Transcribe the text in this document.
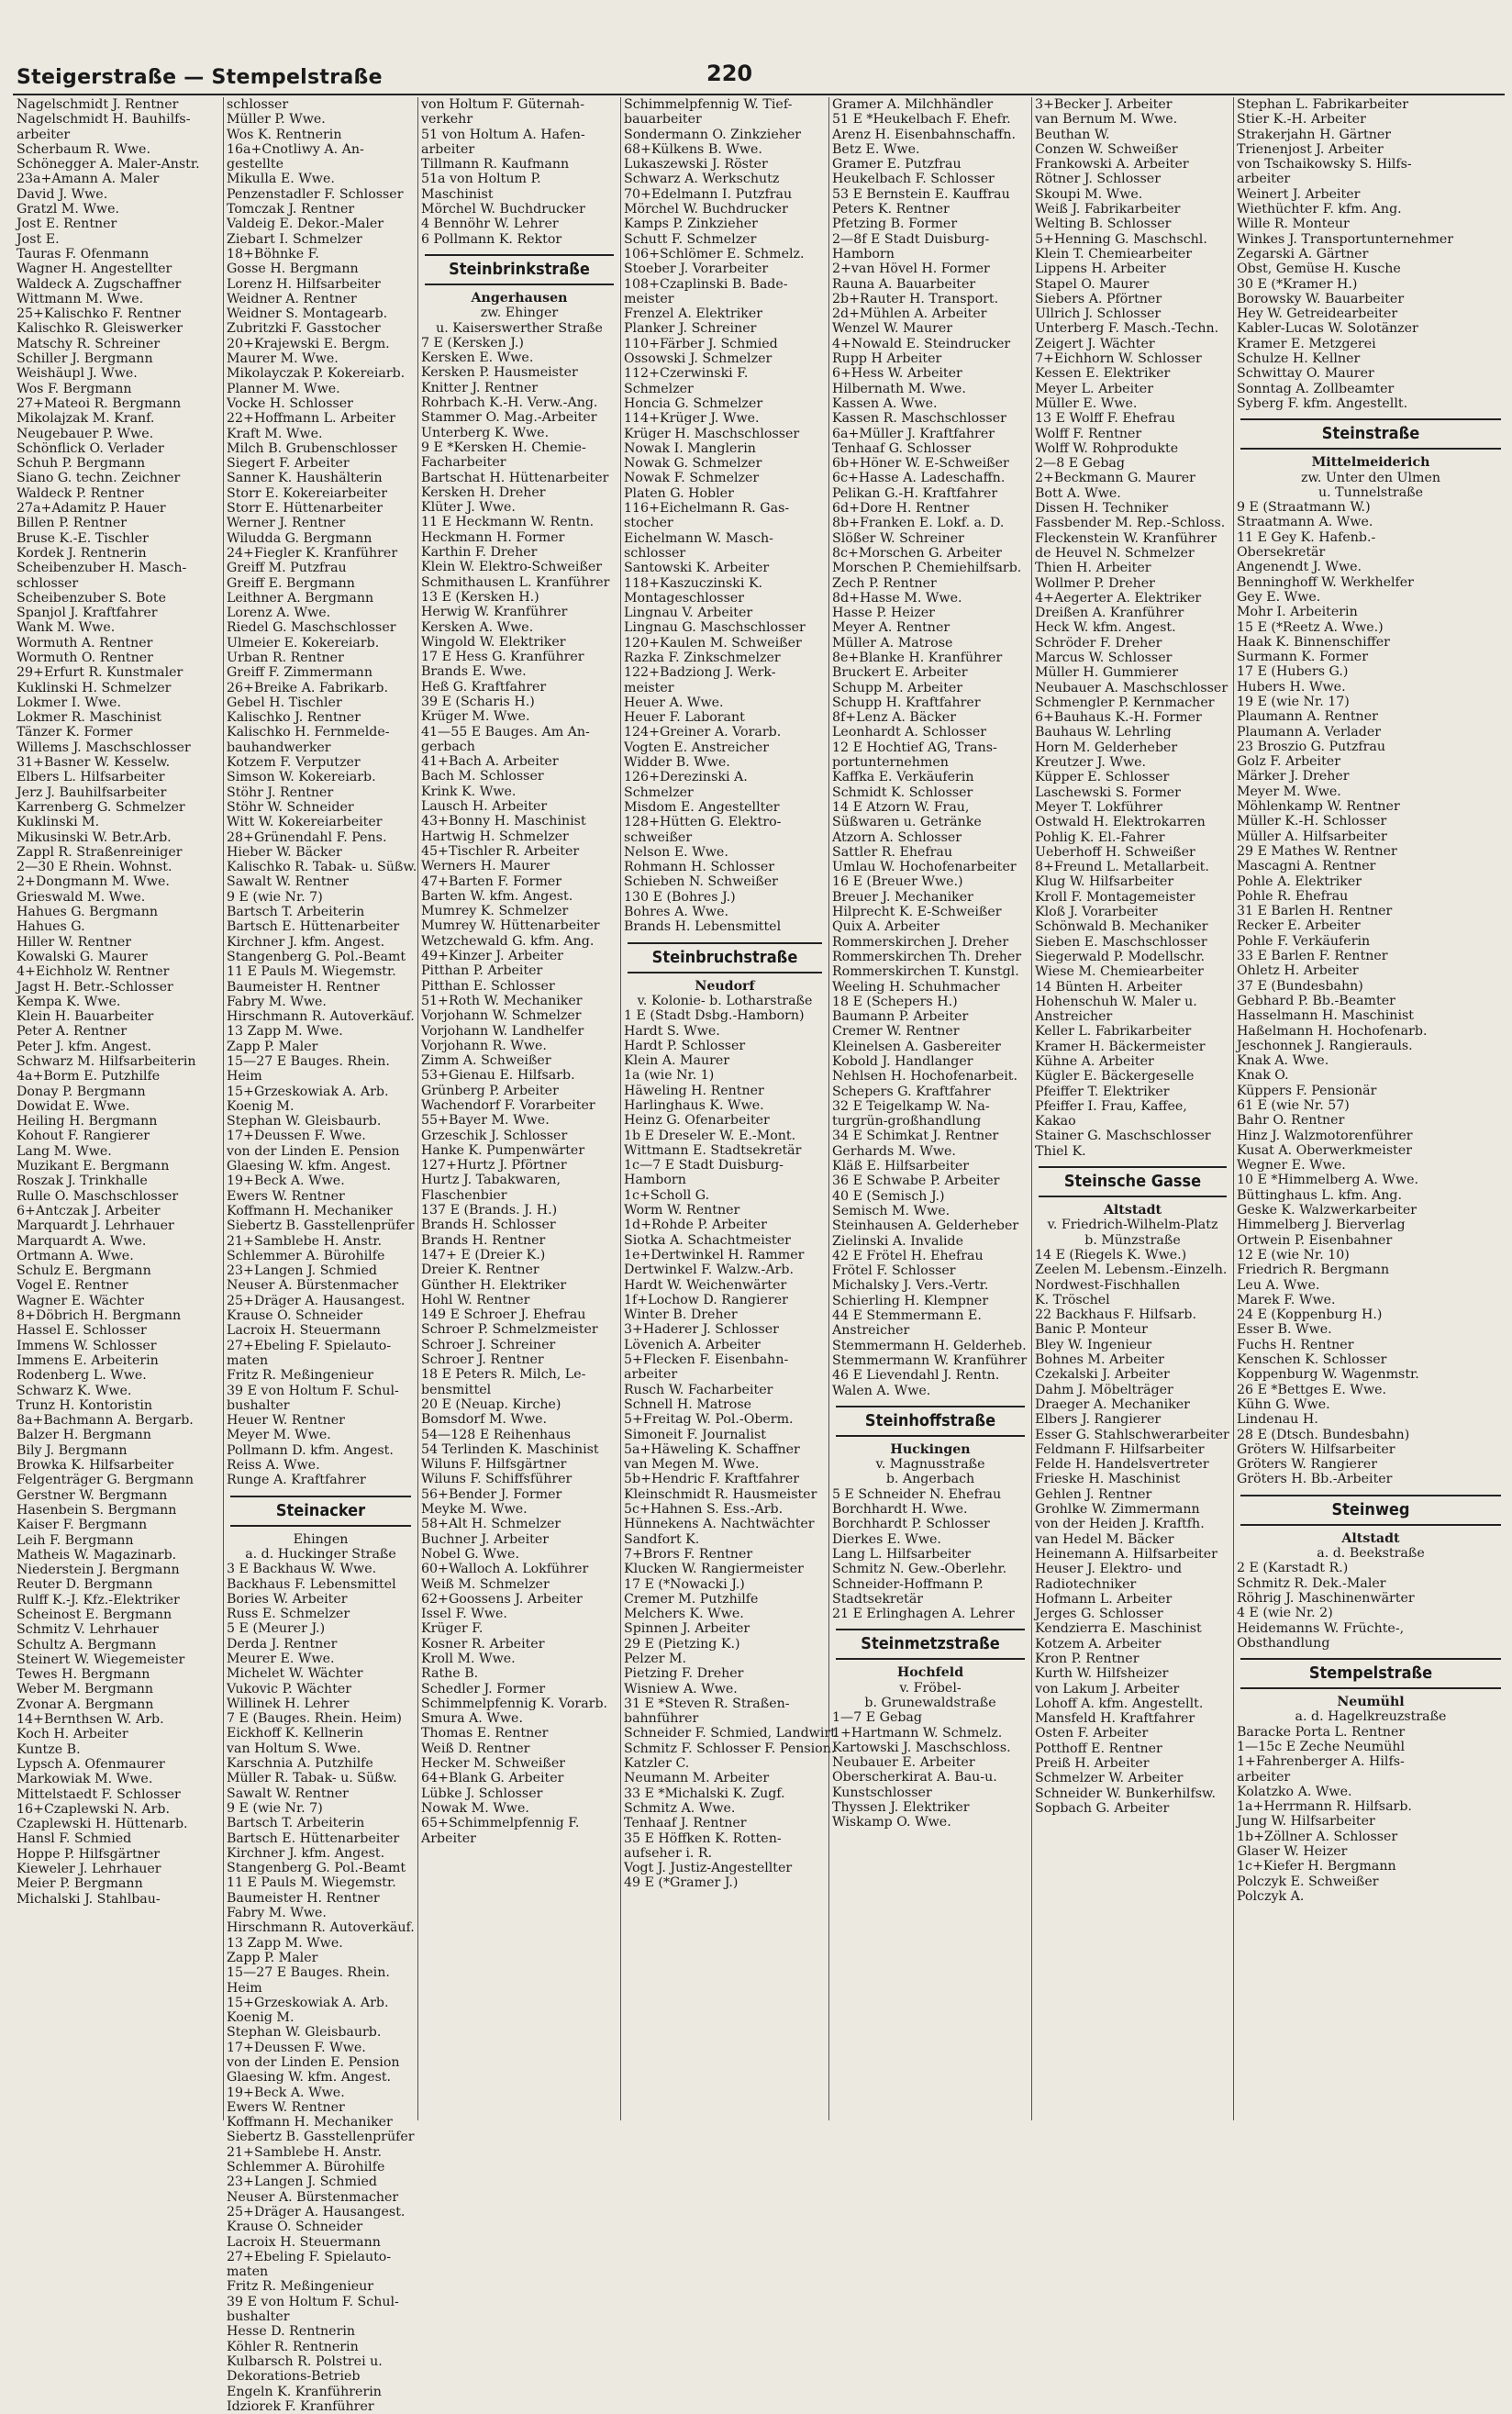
Steigerstraße — Stempelstraße	220
Nagelschmidt J. Rentner
Nagelschmidt H. Bauhilfs-
arbeiter
Scherbaum R. Wwe.
Schönegger A. Maler-Anstr.
23a+Amann A. Maler
David J. Wwe.
Gratzl M. Wwe.
Jost E. Rentner
Jost E.
Tauras F. Ofenmann
Wagner H. Angestellter
Waldeck A. Zugschaffner
Wittmann M. Wwe.
25+Kalischko F. Rentner
Kalischko R. Gleiswerker
Matschy R. Schreiner
Schiller J. Bergmann
Weishäupl J. Wwe.
Wos F. Bergmann
27+Mateoi R. Bergmann
Mikolajzak M. Kranf.
Neugebauer P. Wwe.
Schönflick O. Verlader
Schuh P. Bergmann
Siano G. techn. Zeichner
Waldeck P. Rentner
27a+Adamitz P. Hauer
Billen P. Rentner
Bruse K.-E. Tischler
Kordek J. Rentnerin
Scheibenzuber H. Masch-
schlosser
Scheibenzuber S. Bote
Spanjol J. Kraftfahrer
Wank M. Wwe.
Wormuth A. Rentner
Wormuth O. Rentner
29+Erfurt R. Kunstmaler
Kuklinski H. Schmelzer
Lokmer I. Wwe.
Lokmer R. Maschinist
Tänzer K. Former
Willems J. Maschschlosser
31+Basner W. Kesselw.
Elbers L. Hilfsarbeiter
Jerz J. Bauhilfsarbeiter
Karrenberg G. Schmelzer
Kuklinski M.
Mikusinski W. Betr.Arb.
Zappl R. Straßenreiniger
2—30 E Rhein. Wohnst.
2+Dongmann M. Wwe.
Grieswald M. Wwe.
Hahues G. Bergmann
Hahues G.
Hiller W. Rentner
Kowalski G. Maurer
4+Eichholz W. Rentner
Jagst H. Betr.-Schlosser
Kempa K. Wwe.
Klein H. Bauarbeiter
Peter A. Rentner
Peter J. kfm. Angest.
Schwarz M. Hilfsarbeiterin
4a+Borm E. Putzhilfe
Donay P. Bergmann
Dowidat E. Wwe.
Heiling H. Bergmann
Kohout F. Rangierer
Lang M. Wwe.
Muzikant E. Bergmann
Roszak J. Trinkhalle
Rulle O. Maschschlosser
6+Antczak J. Arbeiter
Marquardt J. Lehrhauer
Marquardt A. Wwe.
Ortmann A. Wwe.
Schulz E. Bergmann
Vogel E. Rentner
Wagner E. Wächter
8+Döbrich H. Bergmann
Hassel E. Schlosser
Immens W. Schlosser
Immens E. Arbeiterin
Rodenberg L. Wwe.
Schwarz K. Wwe.
Trunz H. Kontoristin
8a+Bachmann A. Bergarb.
Balzer H. Bergmann
Bily J. Bergmann
Browka K. Hilfsarbeiter
Felgenträger G. Bergmann
Gerstner W. Bergmann
Hasenbein S. Bergmann
Kaiser F. Bergmann
Leih F. Bergmann
Matheis W. Magazinarb.
Niederstein J. Bergmann
Reuter D. Bergmann
Rulff K.-J. Kfz.-Elektriker
Scheinost E. Bergmann
Schmitz V. Lehrhauer
Schultz A. Bergmann
Steinert W. Wiegemeister
Tewes H. Bergmann
Weber M. Bergmann
Zvonar A. Bergmann
14+Bernthsen W. Arb.
Koch H. Arbeiter
Kuntze B.
Lypsch A. Ofenmaurer
Markowiak M. Wwe.
Mittelstaedt F. Schlosser
16+Czaplewski N. Arb.
Czaplewski H. Hüttenarb.
Hansl F. Schmied
Hoppe P. Hilfsgärtner
Kieweler J. Lehrhauer
Meier P. Bergmann
Michalski J. Stahlbau-
schlosser
Müller P. Wwe.
Wos K. Rentnerin
16a+Cnotliwy A. An-
gestellte
Mikulla E. Wwe.
Penzenstadler F. Schlosser
Tomczak J. Rentner
Valdeig E. Dekor.-Maler
Ziebart I. Schmelzer
18+Böhnke F.
Gosse H. Bergmann
Lorenz H. Hilfsarbeiter
Weidner A. Rentner
Weidner S. Montagearb.
Zubritzki F. Gasstocher
20+Krajewski E. Bergm.
Maurer M. Wwe.
Mikolayczak P. Kokereiarb.
Planner M. Wwe.
Vocke H. Schlosser
22+Hoffmann L. Arbeiter
Kraft M. Wwe.
Milch B. Grubenschlosser
Siegert F. Arbeiter
Sanner K. Haushälterin
Storr E. Kokereiarbeiter
Storr E. Hüttenarbeiter
Werner J. Rentner
Wiludda G. Bergmann
24+Fiegler K. Kranführer
Greiff M. Putzfrau
Greiff E. Bergmann
Leithner A. Bergmann
Lorenz A. Wwe.
Riedel G. Maschschlosser
Ulmeier E. Kokereiarb.
Urban R. Rentner
Greiff F. Zimmermann
26+Breike A. Fabrikarb.
Gebel H. Tischler
Kalischko J. Rentner
Kalischko H. Fernmelde-
bauhandwerker
Kotzem F. Verputzer
Simson W. Kokereiarb.
Stöhr J. Rentner
Stöhr W. Schneider
Witt W. Kokereiarbeiter
28+Grünendahl F. Pens.
Hieber W. Bäcker
Kalischko R. Tabak- u. Süßw.
Sawalt W. Rentner
9 E (wie Nr. 7)
Bartsch T. Arbeiterin
Bartsch E. Hüttenarbeiter
Kirchner J. kfm. Angest.
Stangenberg G. Pol.-Beamt
11 E Pauls M. Wiegemstr.
Baumeister H. Rentner
Fabry M. Wwe.
Hirschmann R. Autoverkäuf.
13 Zapp M. Wwe.
Zapp P. Maler
15—27 E Bauges. Rhein.
Heim
15+Grzeskowiak A. Arb.
Koenig M.
Stephan W. Gleisbaurb.
17+Deussen F. Wwe.
von der Linden E. Pension
Glaesing W. kfm. Angest.
19+Beck A. Wwe.
Ewers W. Rentner
Koffmann H. Mechaniker
Siebertz B. Gasstellenprüfer
21+Samblebe H. Anstr.
Schlemmer A. Bürohilfe
23+Langen J. Schmied
Neuser A. Bürstenmacher
25+Dräger A. Hausangest.
Krause O. Schneider
Lacroix H. Steuermann
27+Ebeling F. Spielauto-
maten
Fritz R. Meßingenieur
39 E von Holtum F. Schul-
bushalter
Heuer W. Rentner
Meyer M. Wwe.
Pollmann D. kfm. Angest.
Reiss A. Wwe.
Runge A. Kraftfahrer
Steinacker
Ehingen
a. d. Huckinger Straße
3 E Backhaus W. Wwe.
Backhaus F. Lebensmittel
Bories W. Arbeiter
Russ E. Schmelzer
5 E (Meurer J.)
Derda J. Rentner
Meurer E. Wwe.
Michelet W. Wächter
Vukovic P. Wächter
Willinek H. Lehrer
7 E (Bauges. Rhein. Heim)
Eickhoff K. Kellnerin
van Holtum S. Wwe.
Karschnia A. Putzhilfe
Müller R. Tabak- u. Süßw.
Sawalt W. Rentner
9 E (wie Nr. 7)
Bartsch T. Arbeiterin
Bartsch E. Hüttenarbeiter
Kirchner J. kfm. Angest.
Stangenberg G. Pol.-Beamt
11 E Pauls M. Wiegemstr.
Baumeister H. Rentner
Fabry M. Wwe.
Hirschmann R. Autoverkäuf.
13 Zapp M. Wwe.
Zapp P. Maler
15—27 E Bauges. Rhein.
Heim
15+Grzeskowiak A. Arb.
Koenig M.
Stephan W. Gleisbaurb.
17+Deussen F. Wwe.
von der Linden E. Pension
Glaesing W. kfm. Angest.
19+Beck A. Wwe.
Ewers W. Rentner
Koffmann H. Mechaniker
Siebertz B. Gasstellenprüfer
21+Samblebe H. Anstr.
Schlemmer A. Bürohilfe
23+Langen J. Schmied
Neuser A. Bürstenmacher
25+Dräger A. Hausangest.
Krause O. Schneider
Lacroix H. Steuermann
27+Ebeling F. Spielauto-
maten
Fritz R. Meßingenieur
39 E von Holtum F. Schul-
bushalter
Hesse D. Rentnerin
Köhler R. Rentnerin
Kulbarsch R. Polstrei u.
Dekorations-Betrieb
Engeln K. Kranführerin
Idziorek F. Kranführer
von Holtum F. Güternah-
verkehr
51 von Holtum A. Hafen-
arbeiter
Tillmann R. Kaufmann
51a von Holtum P.
Maschinist
Mörchel W. Buchdrucker
4 Bennöhr W. Lehrer
6 Pollmann K. Rektor
Steinbrinkstraße
Angerhausen
zw. Ehinger
u. Kaiserswerther Straße
7 E (Kersken J.)
Kersken E. Wwe.
Kersken P. Hausmeister
Knitter J. Rentner
Rohrbach K.-H. Verw.-Ang.
Stammer O. Mag.-Arbeiter
Unterberg K. Wwe.
9 E *Kersken H. Chemie-
Facharbeiter
Bartschat H. Hüttenarbeiter
Kersken H. Dreher
Klüter J. Wwe.
11 E Heckmann W. Rentn.
Heckmann H. Former
Karthin F. Dreher
Klein W. Elektro-Schweißer
Schmithausen L. Kranführer
13 E (Kersken H.)
Herwig W. Kranführer
Kersken A. Wwe.
Wingold W. Elektriker
17 E Hess G. Kranführer
Brands E. Wwe.
Heß G. Kraftfahrer
39 E (Scharis H.)
Krüger M. Wwe.
41—55 E Bauges. Am An-
gerbach
41+Bach A. Arbeiter
Bach M. Schlosser
Krink K. Wwe.
Lausch H. Arbeiter
43+Bonny H. Maschinist
Hartwig H. Schmelzer
45+Tischler R. Arbeiter
Werners H. Maurer
47+Barten F. Former
Barten W. kfm. Angest.
Mumrey K. Schmelzer
Mumrey W. Hüttenarbeiter
Wetzchewald G. kfm. Ang.
49+Kinzer J. Arbeiter
Pitthan P. Arbeiter
Pitthan E. Schlosser
51+Roth W. Mechaniker
Vorjohann W. Schmelzer
Vorjohann W. Landhelfer
Vorjohann R. Wwe.
Zimm A. Schweißer
53+Gienau E. Hilfsarb.
Grünberg P. Arbeiter
Wachendorf F. Vorarbeiter
55+Bayer M. Wwe.
Grzeschik J. Schlosser
Hanke K. Pumpenwärter
127+Hurtz J. Pförtner
Hurtz J. Tabakwaren,
Flaschenbier
137 E (Brands. J. H.)
Brands H. Schlosser
Brands H. Rentner
147+ E (Dreier K.)
Dreier K. Rentner
Günther H. Elektriker
Hohl W. Rentner
149 E Schroer J. Ehefrau
Schroer P. Schmelzmeister
Schroer J. Schreiner
Schroer J. Rentner
18 E Peters R. Milch, Le-
bensmittel
20 E (Neuap. Kirche)
Bomsdorf M. Wwe.
54—128 E Reihenhaus
54 Terlinden K. Maschinist
Wiluns F. Hilfsgärtner
Wiluns F. Schiffsführer
56+Bender J. Former
Meyke M. Wwe.
58+Alt H. Schmelzer
Buchner J. Arbeiter
Nobel G. Wwe.
60+Walloch A. Lokführer
Weiß M. Schmelzer
62+Goossens J. Arbeiter
Issel F. Wwe.
Krüger F.
Kosner R. Arbeiter
Kroll M. Wwe.
Rathe B.
Schedler J. Former
Schimmelpfennig K. Vorarb.
Smura A. Wwe.
Thomas E. Rentner
Weiß D. Rentner
Hecker M. Schweißer
64+Blank G. Arbeiter
Lübke J. Schlosser
Nowak M. Wwe.
65+Schimmelpfennig F.
Arbeiter
Schimmelpfennig W. Tief-
bauarbeiter
Sondermann O. Zinkzieher
68+Külkens B. Wwe.
Lukaszewski J. Röster
Schwarz A. Werkschutz
70+Edelmann I. Putzfrau
Mörchel W. Buchdrucker
Kamps P. Zinkzieher
Schutt F. Schmelzer
106+Schlömer E. Schmelz.
Stoeber J. Vorarbeiter
108+Czaplinski B. Bade-
meister
Frenzel A. Elektriker
Planker J. Schreiner
110+Färber J. Schmied
Ossowski J. Schmelzer
112+Czerwinski F.
Schmelzer
Honcia G. Schmelzer
114+Krüger J. Wwe.
Krüger H. Maschschlosser
Nowak I. Manglerin
Nowak G. Schmelzer
Nowak F. Schmelzer
Platen G. Hobler
116+Eichelmann R. Gas-
stocher
Eichelmann W. Masch-
schlosser
Santowski K. Arbeiter
118+Kaszuczinski K.
Montageschlosser
Lingnau V. Arbeiter
Lingnau G. Maschschlosser
120+Kaulen M. Schweißer
Razka F. Zinkschmelzer
122+Badziong J. Werk-
meister
Heuer A. Wwe.
Heuer F. Laborant
124+Greiner A. Vorarb.
Vogten E. Anstreicher
Widder B. Wwe.
126+Derezinski A.
Schmelzer
Misdom E. Angestellter
128+Hütten G. Elektro-
schweißer
Nelson E. Wwe.
Rohmann H. Schlosser
Schieben N. Schweißer
130 E (Bohres J.)
Bohres A. Wwe.
Brands H. Lebensmittel
Steinbruchstraße
Neudorf
v. Kolonie- b. Lotharstraße
1 E (Stadt Dsbg.-Hamborn)
Hardt S. Wwe.
Hardt P. Schlosser
Klein A. Maurer
1a (wie Nr. 1)
Häweling H. Rentner
Harlinghaus K. Wwe.
Heinz G. Ofenarbeiter
1b E Dreseler W. E.-Mont.
Wittmann E. Stadtsekretär
1c—7 E Stadt Duisburg-
Hamborn
1c+Scholl G.
Worm W. Rentner
1d+Rohde P. Arbeiter
Siotka A. Schachtmeister
1e+Dertwinkel H. Rammer
Dertwinkel F. Walzw.-Arb.
Hardt W. Weichenwärter
1f+Lochow D. Rangierer
Winter B. Dreher
3+Haderer J. Schlosser
Lövenich A. Arbeiter
5+Flecken F. Eisenbahn-
arbeiter
Rusch W. Facharbeiter
Schnell H. Matrose
5+Freitag W. Pol.-Oberm.
Simoneit F. Journalist
5a+Häweling K. Schaffner
van Megen M. Wwe.
5b+Hendric F. Kraftfahrer
Kleinschmidt R. Hausmeister
5c+Hahnen S. Ess.-Arb.
Hünnekens A. Nachtwächter
Sandfort K.
7+Brors F. Rentner
Klucken W. Rangiermeister
17 E (*Nowacki J.)
Cremer M. Putzhilfe
Melchers K. Wwe.
Spinnen J. Arbeiter
29 E (Pietzing K.)
Pelzer M.
Pietzing F. Dreher
Wisniew A. Wwe.
31 E *Steven R. Straßen-
bahnführer
Schneider F. Schmied, Landwirt
Schmitz F. Schlosser F. Pension.
Katzler C.
Neumann M. Arbeiter
33 E *Michalski K. Zugf.
Schmitz A. Wwe.
Tenhaaf J. Rentner
35 E Höffken K. Rotten-
aufseher i. R.
Vogt J. Justiz-Angestellter
49 E (*Gramer J.)
Gramer A. Milchhändler
51 E *Heukelbach F. Ehefr.
Arenz H. Eisenbahnschaffn.
Betz E. Wwe.
Gramer E. Putzfrau
Heukelbach F. Schlosser
53 E Bernstein E. Kauffrau
Peters K. Rentner
Pfetzing B. Former
2—8f E Stadt Duisburg-
Hamborn
2+van Hövel H. Former
Rauna A. Bauarbeiter
2b+Rauter H. Transport.
2d+Mühlen A. Arbeiter
Wenzel W. Maurer
4+Nowald E. Steindrucker
Rupp H Arbeiter
6+Hess W. Arbeiter
Hilbernath M. Wwe.
Kassen A. Wwe.
Kassen R. Maschschlosser
6a+Müller J. Kraftfahrer
Tenhaaf G. Schlosser
6b+Höner W. E-Schweißer
6c+Hasse A. Ladeschaffn.
Pelikan G.-H. Kraftfahrer
6d+Dore H. Rentner
8b+Franken E. Lokf. a. D.
Slößer W. Schreiner
8c+Morschen G. Arbeiter
Morschen P. Chemiehilfsarb.
Zech P. Rentner
8d+Hasse M. Wwe.
Hasse P. Heizer
Meyer A. Rentner
Müller A. Matrose
8e+Blanke H. Kranführer
Bruckert E. Arbeiter
Schupp M. Arbeiter
Schupp H. Kraftfahrer
8f+Lenz A. Bäcker
Leonhardt A. Schlosser
12 E Hochtief AG, Trans-
portunternehmen
Kaffka E. Verkäuferin
Schmidt K. Schlosser
14 E Atzorn W. Frau,
Süßwaren u. Getränke
Atzorn A. Schlosser
Sattler R. Ehefrau
Umlau W. Hochofenarbeiter
16 E (Breuer Wwe.)
Breuer J. Mechaniker
Hilprecht K. E-Schweißer
Quix A. Arbeiter
Rommerskirchen J. Dreher
Rommerskirchen Th. Dreher
Rommerskirchen T. Kunstgl.
Weeling H. Schuhmacher
18 E (Schepers H.)
Baumann P. Arbeiter
Cremer W. Rentner
Kleinelsen A. Gasbereiter
Kobold J. Handlanger
Nehlsen H. Hochofenarbeit.
Schepers G. Kraftfahrer
32 E Teigelkamp W. Na-
turgrün-großhandlung
34 E Schimkat J. Rentner
Gerhards M. Wwe.
Kläß E. Hilfsarbeiter
36 E Schwabe P. Arbeiter
40 E (Semisch J.)
Semisch M. Wwe.
Steinhausen A. Gelderheber
Zielinski A. Invalide
42 E Frötel H. Ehefrau
Frötel F. Schlosser
Michalsky J. Vers.-Vertr.
Schierling H. Klempner
44 E Stemmermann E.
Anstreicher
Stemmermann H. Gelderheb.
Stemmermann W. Kranführer
46 E Lievendahl J. Rentn.
Walen A. Wwe.
Steinhoffstraße
Huckingen
v. Magnusstraße
b. Angerbach
5 E Schneider N. Ehefrau
Borchhardt H. Wwe.
Borchhardt P. Schlosser
Dierkes E. Wwe.
Lang L. Hilfsarbeiter
Schmitz N. Gew.-Oberlehr.
Schneider-Hoffmann P.
Stadtsekretär
21 E Erlinghagen A. Lehrer
Steinmetzstraße
Hochfeld
v. Fröbel-
b. Grunewaldstraße
1—7 E Gebag
1+Hartmann W. Schmelz.
Kartowski J. Maschschloss.
Neubauer E. Arbeiter
Oberscherkirat A. Bau-u.
Kunstschlosser
Thyssen J. Elektriker
Wiskamp O. Wwe.
3+Becker J. Arbeiter
van Bernum M. Wwe.
Beuthan W.
Conzen W. Schweißer
Frankowski A. Arbeiter
Rötner J. Schlosser
Skoupi M. Wwe.
Weiß J. Fabrikarbeiter
Welting B. Schlosser
5+Henning G. Maschschl.
Klein T. Chemiearbeiter
Lippens H. Arbeiter
Stapel O. Maurer
Siebers A. Pförtner
Ullrich J. Schlosser
Unterberg F. Masch.-Techn.
Zeigert J. Wächter
7+Eichhorn W. Schlosser
Kessen E. Elektriker
Meyer L. Arbeiter
Müller E. Wwe.
13 E Wolff F. Ehefrau
Wolff F. Rentner
Wolff W. Rohprodukte
2—8 E Gebag
2+Beckmann G. Maurer
Bott A. Wwe.
Dissen H. Techniker
Fassbender M. Rep.-Schloss.
Fleckenstein W. Kranführer
de Heuvel N. Schmelzer
Thien H. Arbeiter
Wollmer P. Dreher
4+Aegerter A. Elektriker
Dreißen A. Kranführer
Heck W. kfm. Angest.
Schröder F. Dreher
Marcus W. Schlosser
Müller H. Gummierer
Neubauer A. Maschschlosser
Schmengler P. Kernmacher
6+Bauhaus K.-H. Former
Bauhaus W. Lehrling
Horn M. Gelderheber
Kreutzer J. Wwe.
Küpper E. Schlosser
Laschewski S. Former
Meyer T. Lokführer
Ostwald H. Elektrokarren
Pohlig K. El.-Fahrer
Ueberhoff H. Schweißer
8+Freund L. Metallarbeit.
Klug W. Hilfsarbeiter
Kroll F. Montagemeister
Kloß J. Vorarbeiter
Schönwald B. Mechaniker
Sieben E. Maschschlosser
Siegerwald P. Modellschr.
Wiese M. Chemiearbeiter
14 Bünten H. Arbeiter
Hohenschuh W. Maler u.
Anstreicher
Keller L. Fabrikarbeiter
Kramer H. Bäckermeister
Kühne A. Arbeiter
Kügler E. Bäckergeselle
Pfeiffer T. Elektriker
Pfeiffer I. Frau, Kaffee,
Kakao
Stainer G. Maschschlosser
Thiel K.
Steinsche Gasse
Altstadt
v. Friedrich-Wilhelm-Platz
b. Münzstraße
14 E (Riegels K. Wwe.)
Zeelen M. Lebensm.-Einzelh.
Nordwest-Fischhallen
K. Tröschel
22 Backhaus F. Hilfsarb.
Banic P. Monteur
Bley W. Ingenieur
Bohnes M. Arbeiter
Czekalski J. Arbeiter
Dahm J. Möbelträger
Draeger A. Mechaniker
Elbers J. Rangierer
Esser G. Stahlschwerarbeiter
Feldmann F. Hilfsarbeiter
Felde H. Handelsvertreter
Frieske H. Maschinist
Gehlen J. Rentner
Grohlke W. Zimmermann
von der Heiden J. Kraftfh.
van Hedel M. Bäcker
Heinemann A. Hilfsarbeiter
Heuser J. Elektro- und
Radiotechniker
Hofmann L. Arbeiter
Jerges G. Schlosser
Kendzierra E. Maschinist
Kotzem A. Arbeiter
Kron P. Rentner
Kurth W. Hilfsheizer
von Lakum J. Arbeiter
Lohoff A. kfm. Angestellt.
Mansfeld H. Kraftfahrer
Osten F. Arbeiter
Potthoff E. Rentner
Preiß H. Arbeiter
Schmelzer W. Arbeiter
Schneider W. Bunkerhilfsw.
Sopbach G. Arbeiter
Stephan L. Fabrikarbeiter
Stier K.-H. Arbeiter
Strakerjahn H. Gärtner
Trienenjost J. Arbeiter
von Tschaikowsky S. Hilfs-
arbeiter
Weinert J. Arbeiter
Wiethüchter F. kfm. Ang.
Wille R. Monteur
Winkes J. Transportunternehmer
Zegarski A. Gärtner
Obst, Gemüse H. Kusche
30 E (*Kramer H.)
Borowsky W. Bauarbeiter
Hey W. Getreidearbeiter
Kabler-Lucas W. Solotänzer
Kramer E. Metzgerei
Schulze H. Kellner
Schwittay O. Maurer
Sonntag A. Zollbeamter
Syberg F. kfm. Angestellt.
Steinstraße
Mittelmeiderich
zw. Unter den Ulmen
u. Tunnelstraße
9 E (Straatmann W.)
Straatmann A. Wwe.
11 E Gey K. Hafenb.-
Obersekretär
Angenendt J. Wwe.
Benninghoff W. Werkhelfer
Gey E. Wwe.
Mohr I. Arbeiterin
15 E (*Reetz A. Wwe.)
Haak K. Binnenschiffer
Surmann K. Former
17 E (Hubers G.)
Hubers H. Wwe.
19 E (wie Nr. 17)
Plaumann A. Rentner
Plaumann A. Verlader
23 Broszio G. Putzfrau
Golz F. Arbeiter
Märker J. Dreher
Meyer M. Wwe.
Möhlenkamp W. Rentner
Müller K.-H. Schlosser
Müller A. Hilfsarbeiter
29 E Mathes W. Rentner
Mascagni A. Rentner
Pohle A. Elektriker
Pohle R. Ehefrau
31 E Barlen H. Rentner
Recker E. Arbeiter
Pohle F. Verkäuferin
33 E Barlen F. Rentner
Ohletz H. Arbeiter
37 E (Bundesbahn)
Gebhard P. Bb.-Beamter
Hasselmann H. Maschinist
Haßelmann H. Hochofenarb.
Jeschonnek J. Rangierauls.
Knak A. Wwe.
Knak O.
Küppers F. Pensionär
61 E (wie Nr. 57)
Bahr O. Rentner
Hinz J. Walzmotorenführer
Kusat A. Oberwerkmeister
Wegner E. Wwe.
10 E *Himmelberg A. Wwe.
Büttinghaus L. kfm. Ang.
Geske K. Walzwerkarbeiter
Himmelberg J. Bierverlag
Ortwein P. Eisenbahner
12 E (wie Nr. 10)
Friedrich R. Bergmann
Leu A. Wwe.
Marek F. Wwe.
24 E (Koppenburg H.)
Esser B. Wwe.
Fuchs H. Rentner
Kenschen K. Schlosser
Koppenburg W. Wagenmstr.
26 E *Bettges E. Wwe.
Kühn G. Wwe.
Lindenau H.
28 E (Dtsch. Bundesbahn)
Gröters W. Hilfsarbeiter
Gröters W. Rangierer
Gröters H. Bb.-Arbeiter
Steinweg
Altstadt
a. d. Beekstraße
2 E (Karstadt R.)
Schmitz R. Dek.-Maler
Röhrig J. Maschinenwärter
4 E (wie Nr. 2)
Heidemanns W. Früchte-,
Obsthandlung
Stempelstraße
Neumühl
a. d. Hagelkreuzstraße
Baracke Porta L. Rentner
1—15c E Zeche Neumühl
1+Fahrenberger A. Hilfs-
arbeiter
Kolatzko A. Wwe.
1a+Herrmann R. Hilfsarb.
Jung W. Hilfsarbeiter
1b+Zöllner A. Schlosser
Glaser W. Heizer
1c+Kiefer H. Bergmann
Polczyk E. Schweißer
Polczyk A.
